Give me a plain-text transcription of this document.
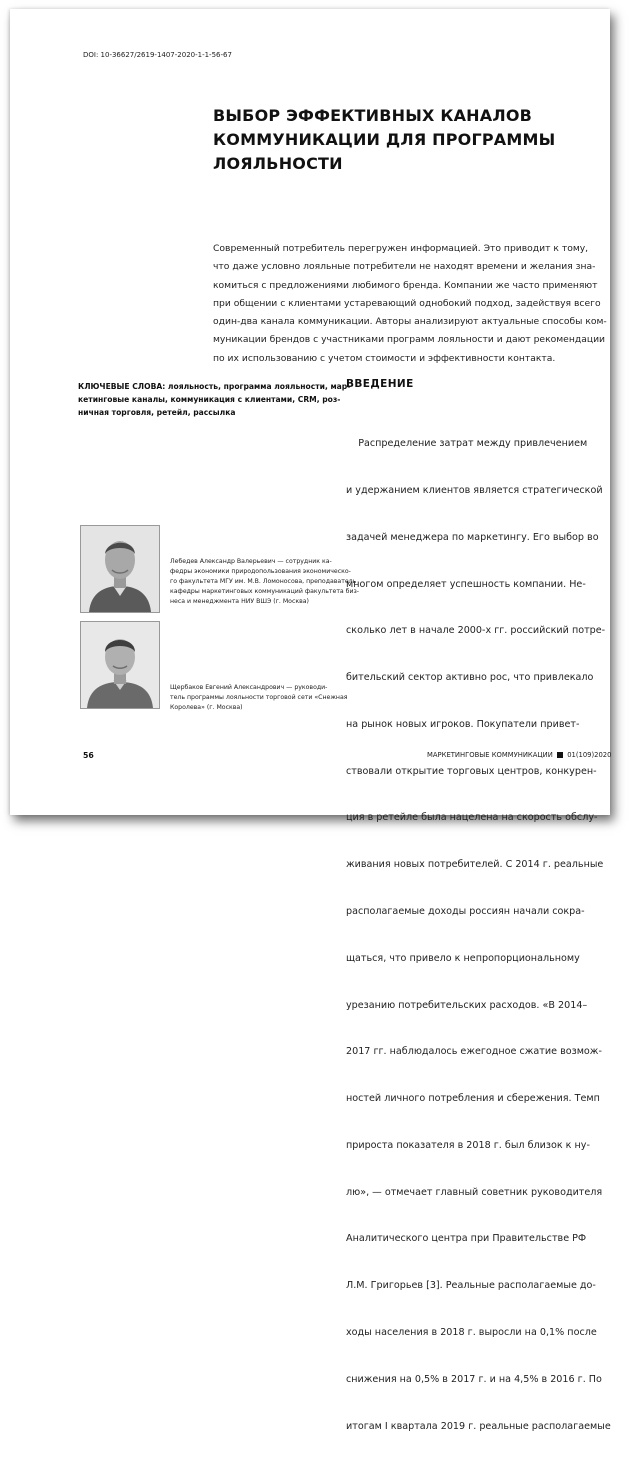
DOI: 10-36627/2619-1407-2020-1-1-56-67
ВЫБОР ЭФФЕКТИВНЫХ КАНАЛОВ
КОММУНИКАЦИИ ДЛЯ ПРОГРАММЫ
ЛОЯЛЬНОСТИ
Современный потребитель перегружен информацией. Это приводит к тому,
что даже условно лояльные потребители не находят времени и желания зна-
комиться с предложениями любимого бренда. Компании же часто применяют
при общении с клиентами устаревающий однобокий подход, задействуя всего
один-два канала коммуникации. Авторы анализируют актуальные способы ком-
муникации брендов с участниками программ лояльности и дают рекомендации
по их использованию с учетом стоимости и эффективности контакта.
КЛЮЧЕВЫЕ СЛОВА: лояльность, программа лояльности, мар-
кетинговые каналы, коммуникация с клиентами, CRM, роз-
ничная торговля, ретейл, рассылка
ВВЕДЕНИЕ

Распределение затрат между привлечением

и удержанием клиентов является стратегической

задачей менеджера по маркетингу. Его выбор во

многом определяет успешность компании. Не-

сколько лет в начале 2000-х гг. российский потре-

бительский сектор активно рос, что привлекало

на рынок новых игроков. Покупатели привет-

ствовали открытие торговых центров, конкурен-

ция в ретейле была нацелена на скорость обслу-

живания новых потребителей. С 2014 г. реальные

располагаемые доходы россиян начали сокра-

щаться, что привело к непропорциональному

урезанию потребительских расходов. «В 2014–

2017 гг. наблюдалось ежегодное сжатие возмож-

ностей личного потребления и сбережения. Темп

прироста показателя в 2018 г. был близок к ну-

лю», — отмечает главный советник руководителя

Аналитического центра при Правительстве РФ

Л.М. Григорьев [3]. Реальные располагаемые до-

ходы населения в 2018 г. выросли на 0,1% после

снижения на 0,5% в 2017 г. и на 4,5% в 2016 г. По

итогам I квартала 2019 г. реальные располагаемые

Лебедев Александр Валерьевич — сотрудник ка-
федры экономики природопользования экономическо-
го факультета МГУ им. М.В. Ломоносова, преподаватель
кафедры маркетинговых коммуникаций факультета биз-
неса и менеджмента НИУ ВШЭ (г. Москва)
Щербаков Евгений Александрович — руководи-
тель программы лояльности торговой сети «Снежная
Королева» (г. Москва)
56	МАРКЕТИНГОВЫЕ КОММУНИКАЦИИ 01(109)2020
